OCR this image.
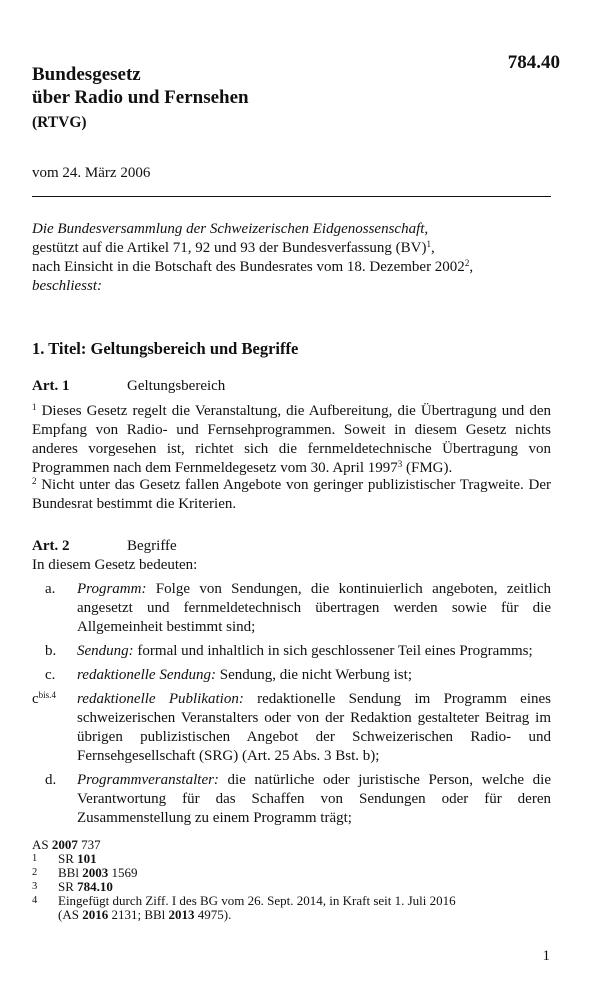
784.40
Bundesgesetz
über Radio und Fernsehen
(RTVG)
vom 24. März 2006
Die Bundesversammlung der Schweizerischen Eidgenossenschaft,
gestützt auf die Artikel 71, 92 und 93 der Bundesverfassung (BV)$^1$,
nach Einsicht in die Botschaft des Bundesrates vom 18. Dezember 2002$^2$,
beschliesst:
1. Titel: Geltungsbereich und Begriffe
Art. 1	Geltungsbereich
$^1$ Dieses Gesetz regelt die Veranstaltung, die Aufbereitung, die Übertragung und den Empfang von Radio- und Fernsehprogrammen. Soweit in diesem Gesetz nichts anderes vorgesehen ist, richtet sich die fernmeldetechnische Übertragung von Programmen nach dem Fernmeldegesetz vom 30. April 1997$^3$ (FMG).
$^2$ Nicht unter das Gesetz fallen Angebote von geringer publizistischer Tragweite. Der Bundesrat bestimmt die Kriterien.
Art. 2	Begriffe
In diesem Gesetz bedeuten:
a. Programm: Folge von Sendungen, die kontinuierlich angeboten, zeitlich angesetzt und fernmeldetechnisch übertragen werden sowie für die Allgemeinheit bestimmt sind;
b. Sendung: formal und inhaltlich in sich geschlossener Teil eines Programms;
c. redaktionelle Sendung: Sendung, die nicht Werbung ist;
$c^{bis.4}$ redaktionelle Publikation: redaktionelle Sendung im Programm eines schweizerischen Veranstalters oder von der Redaktion gestalteter Beitrag im übrigen publizistischen Angebot der Schweizerischen Radio- und Fernsehgesellschaft (SRG) (Art. 25 Abs. 3 Bst. b);
d. Programmveranstalter: die natürliche oder juristische Person, welche die Verantwortung für das Schaffen von Sendungen oder für deren Zusammenstellung zu einem Programm trägt;
AS 2007 737
1 SR 101
2 BBl 2003 1569
3 SR 784.10
4 Eingefügt durch Ziff. I des BG vom 26. Sept. 2014, in Kraft seit 1. Juli 2016
(AS 2016 2131; BBl 2013 4975).
1
